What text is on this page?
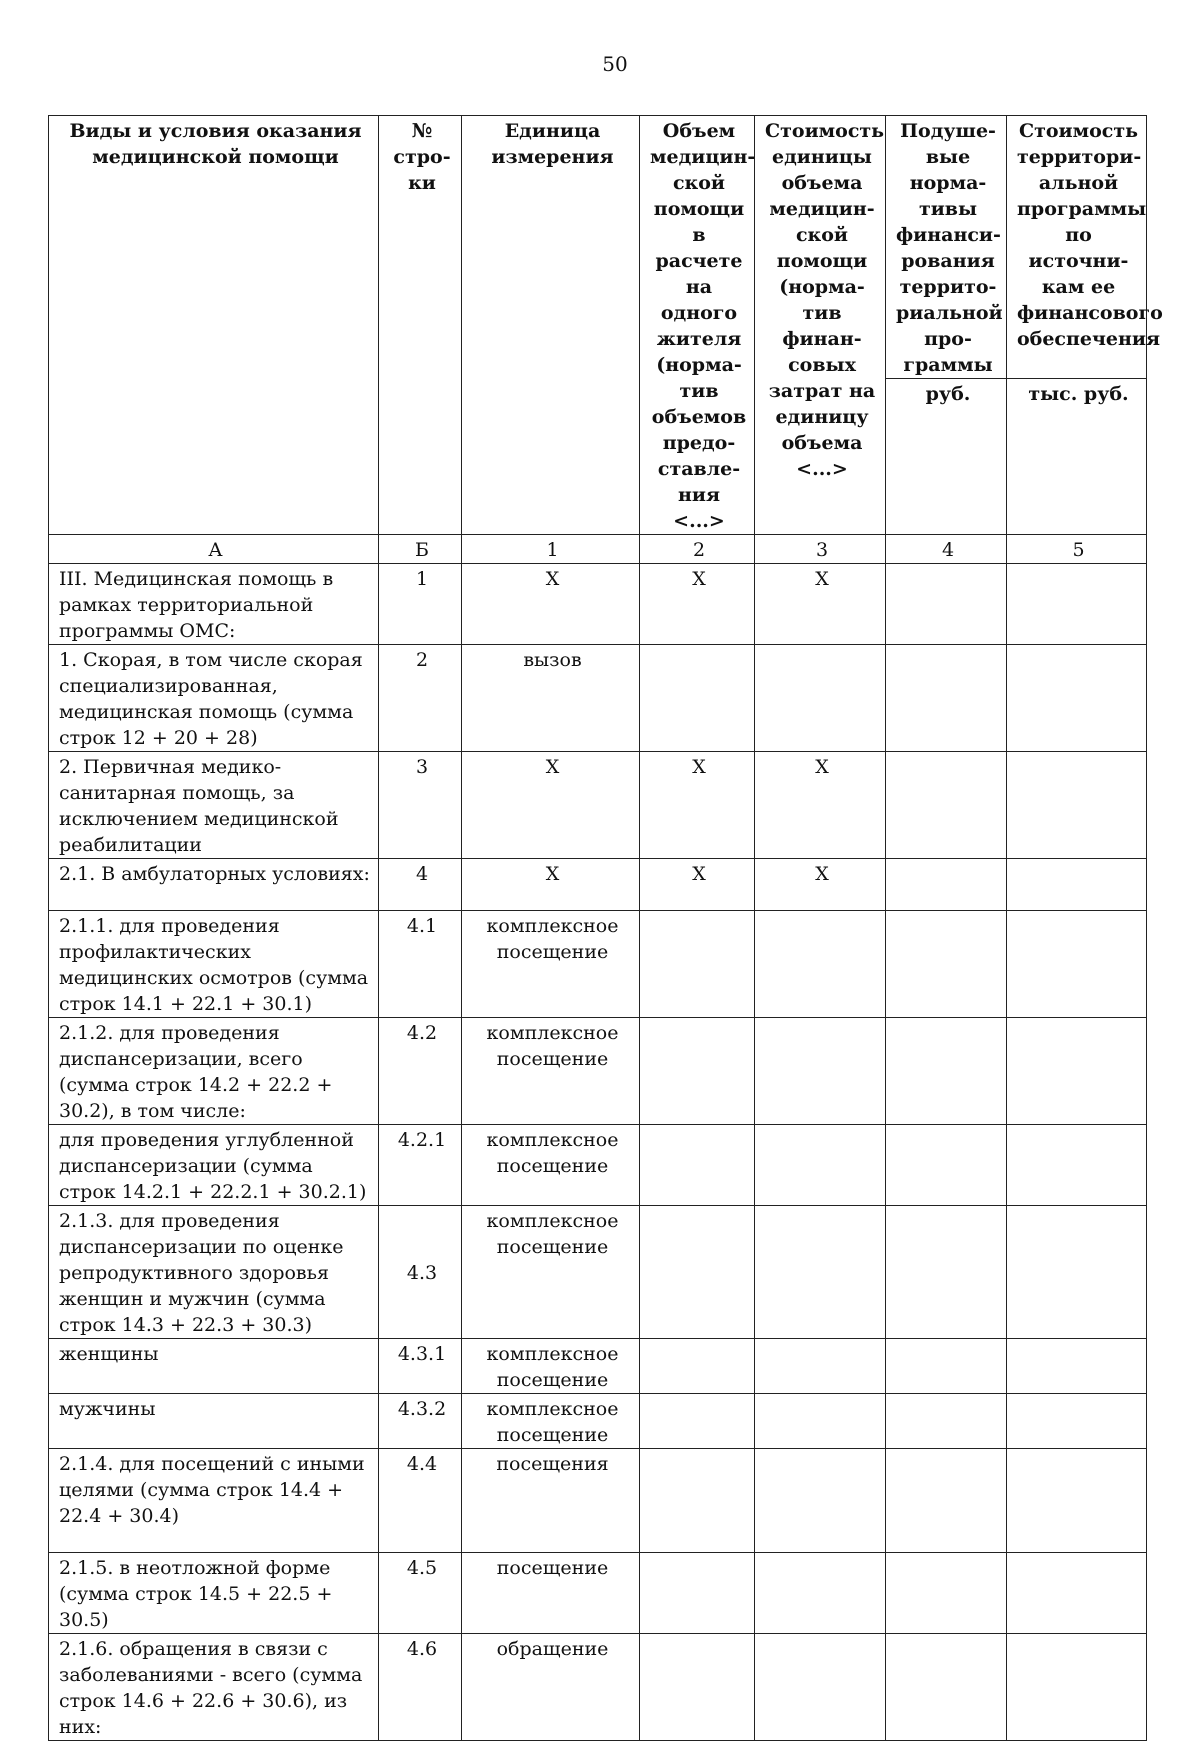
50
Виды и условия оказания медицинской помощи	№ стро-ки	Единица измерения	Объем медицин-ской помощи в расчете на одного жителя (норма-тив объемов предо-ставле-ния <...>	Стоимость единицы объема медицин-ской помощи (норма-тив финан-совых затрат на единицу объема <...>	Подуше-вые норма-тивы финанси-рования террито-риальной про-граммы	Стоимость территори-альной программы по источни-кам ее финансового обеспечения
					руб.	тыс. руб.
А	Б	1	2	3	4	5
III. Медицинская помощь в рамках территориальной программы ОМС:	1	X	X	X		
1. Скорая, в том числе скорая специализированная, медицинская помощь (сумма строк 12 + 20 + 28)	2	вызов				
2. Первичная медико-санитарная помощь, за исключением медицинской реабилитации	3	X	X	X		
2.1. В амбулаторных условиях:	4	X	X	X		
2.1.1. для проведения профилактических медицинских осмотров (сумма строк 14.1 + 22.1 + 30.1)	4.1	комплексное посещение				
2.1.2. для проведения диспансеризации, всего (сумма строк 14.2 + 22.2 + 30.2), в том числе:	4.2	комплексное посещение				
для проведения углубленной диспансеризации (сумма строк 14.2.1 + 22.2.1 + 30.2.1)	4.2.1	комплексное посещение				
2.1.3. для проведения диспансеризации по оценке репродуктивного здоровья женщин и мужчин (сумма строк 14.3 + 22.3 + 30.3)	4.3	комплексное посещение				
женщины	4.3.1	комплексное посещение				
мужчины	4.3.2	комплексное посещение				
2.1.4. для посещений с иными целями (сумма строк 14.4 + 22.4 + 30.4)	4.4	посещения				
2.1.5. в неотложной форме (сумма строк 14.5 + 22.5 + 30.5)	4.5	посещение				
2.1.6. обращения в связи с заболеваниями - всего (сумма строк 14.6 + 22.6 + 30.6), из них:	4.6	обращение				
